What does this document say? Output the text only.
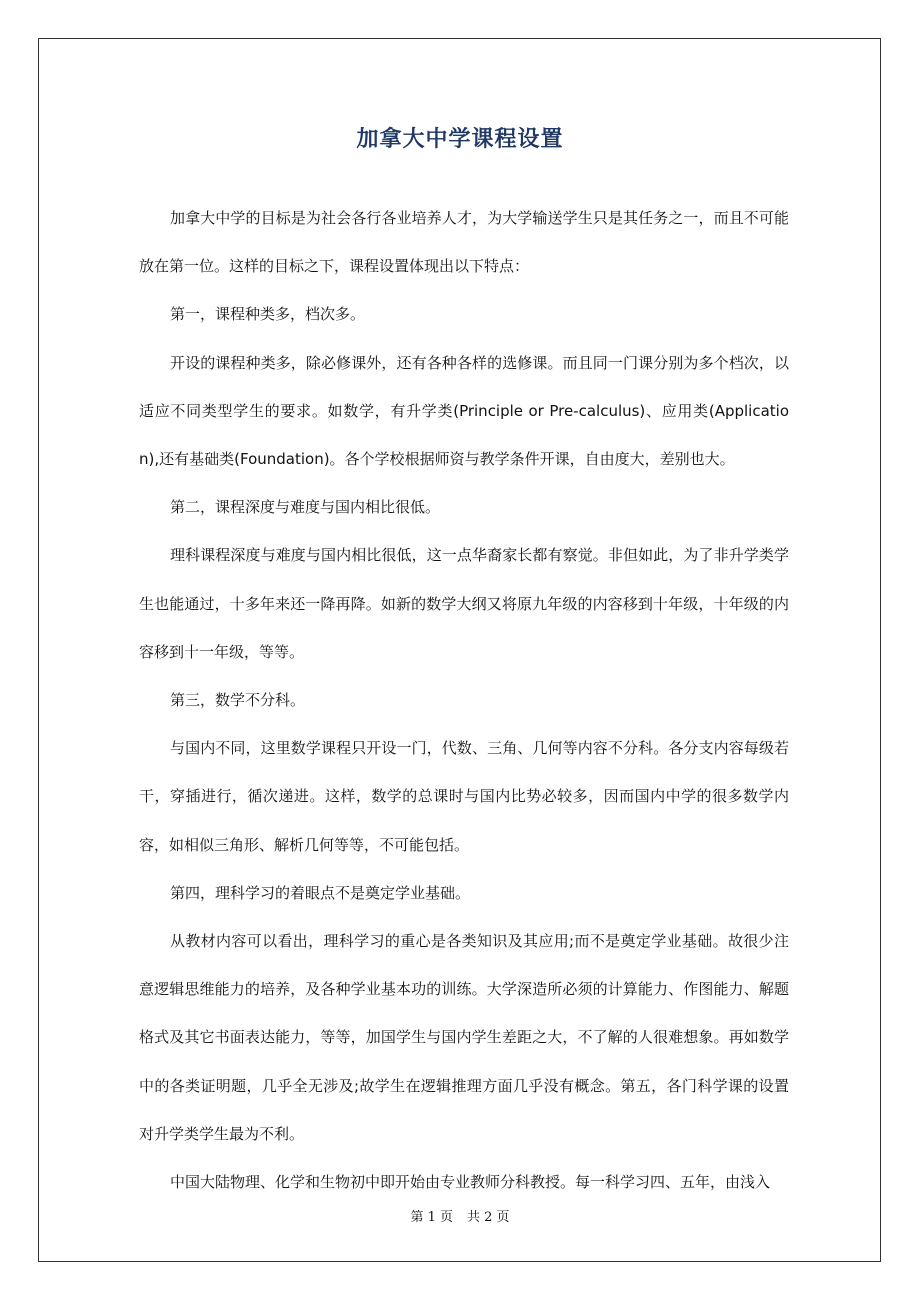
加拿大中学课程设置

加拿大中学的目标是为社会各行各业培养人才，为大学输送学生只是其任务之一，而且不可能放在第一位。这样的目标之下，课程设置体现出以下特点：

第一，课程种类多，档次多。

开设的课程种类多，除必修课外，还有各种各样的选修课。而且同一门课分别为多个档次，以适应不同类型学生的要求。如数学，有升学类(Principle or Pre-calculus)、应用类(Application),还有基础类(Foundation)。各个学校根据师资与教学条件开课，自由度大，差别也大。

第二，课程深度与难度与国内相比很低。

理科课程深度与难度与国内相比很低，这一点华裔家长都有察觉。非但如此，为了非升学类学生也能通过，十多年来还一降再降。如新的数学大纲又将原九年级的内容移到十年级，十年级的内容移到十一年级，等等。

第三，数学不分科。

与国内不同，这里数学课程只开设一门，代数、三角、几何等内容不分科。各分支内容每级若干，穿插进行，循次递进。这样，数学的总课时与国内比势必较多，因而国内中学的很多数学内容，如相似三角形、解析几何等等，不可能包括。

第四，理科学习的着眼点不是奠定学业基础。

从教材内容可以看出，理科学习的重心是各类知识及其应用;而不是奠定学业基础。故很少注意逻辑思维能力的培养，及各种学业基本功的训练。大学深造所必须的计算能力、作图能力、解题格式及其它书面表达能力，等等，加国学生与国内学生差距之大，不了解的人很难想象。再如数学中的各类证明题，几乎全无涉及;故学生在逻辑推理方面几乎没有概念。第五，各门科学课的设置对升学类学生最为不利。

中国大陆物理、化学和生物初中即开始由专业教师分科教授。每一科学习四、五年，由浅入

第 1 页 共 2 页
